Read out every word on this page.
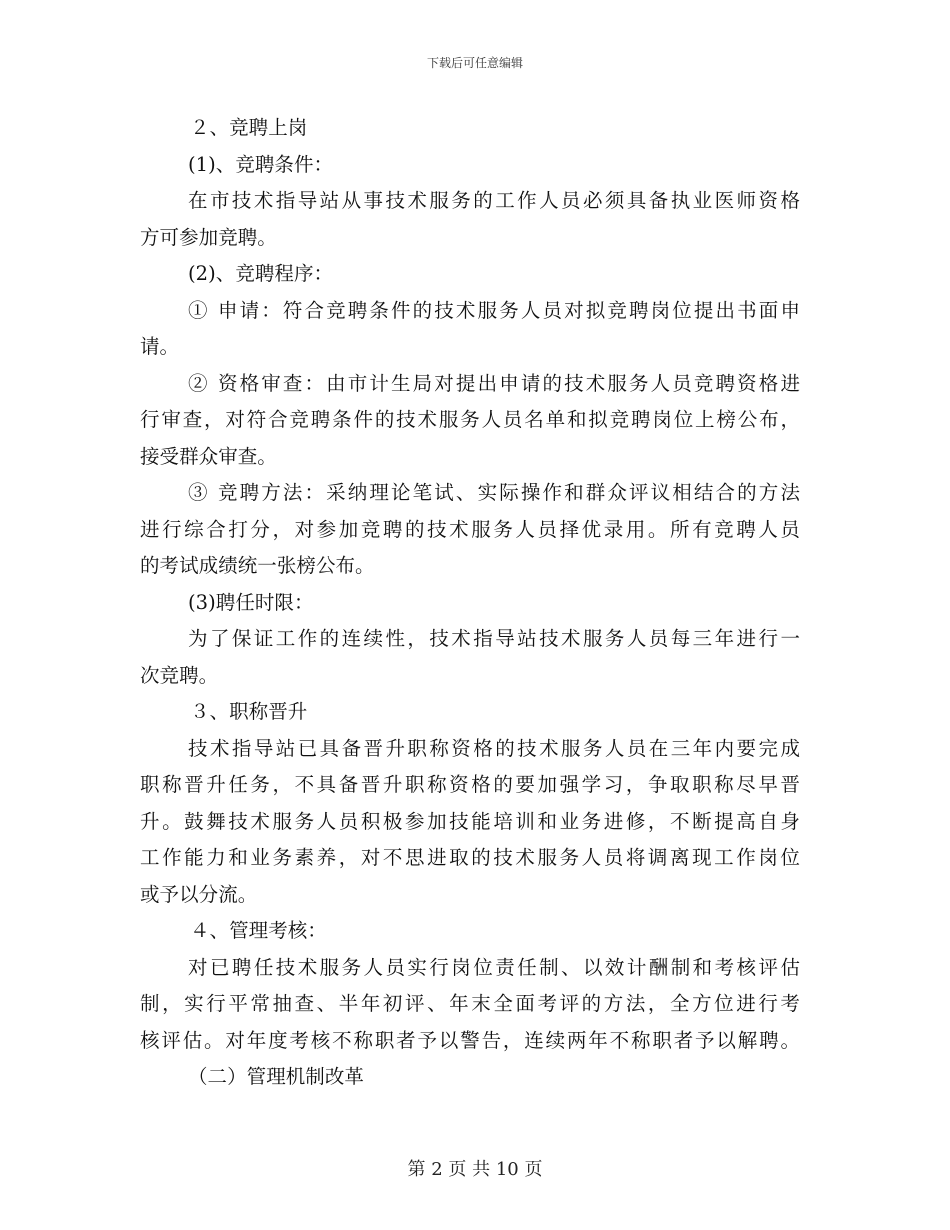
下载后可任意编辑
２、竞聘上岗
(1)、竞聘条件：
在市技术指导站从事技术服务的工作人员必须具备执业医师资格
方可参加竞聘。
(2)、竞聘程序：
① 申请：符合竞聘条件的技术服务人员对拟竞聘岗位提出书面申
请。
② 资格审查：由市计生局对提出申请的技术服务人员竞聘资格进
行审查，对符合竞聘条件的技术服务人员名单和拟竞聘岗位上榜公布，
接受群众审查。
③ 竞聘方法：采纳理论笔试、实际操作和群众评议相结合的方法
进行综合打分，对参加竞聘的技术服务人员择优录用。所有竞聘人员
的考试成绩统一张榜公布。
(3)聘任时限：
为了保证工作的连续性，技术指导站技术服务人员每三年进行一
次竞聘。
３、职称晋升
技术指导站已具备晋升职称资格的技术服务人员在三年内要完成
职称晋升任务，不具备晋升职称资格的要加强学习，争取职称尽早晋
升。鼓舞技术服务人员积极参加技能培训和业务进修，不断提高自身
工作能力和业务素养，对不思进取的技术服务人员将调离现工作岗位
或予以分流。
４、管理考核：
对已聘任技术服务人员实行岗位责任制、以效计酬制和考核评估
制，实行平常抽查、半年初评、年末全面考评的方法，全方位进行考
核评估。对年度考核不称职者予以警告，连续两年不称职者予以解聘。
（二）管理机制改革
第 2 页 共 10 页
